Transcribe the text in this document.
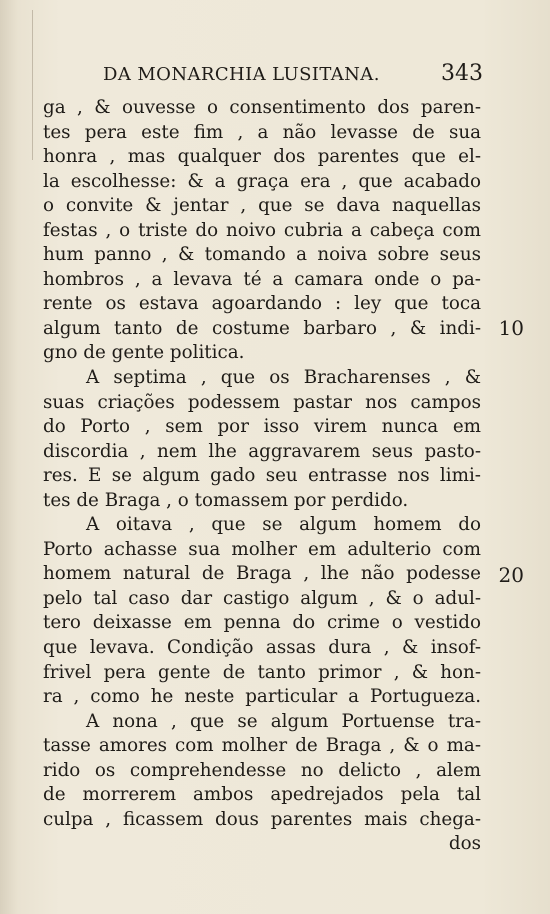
DA MONARCHIA LUSITANA.	343
ga , & ouvesse o consentimento dos paren-
tes pera este fim , a não levasse de sua
honra , mas qualquer dos parentes que el-
la escolhesse: & a graça era , que acabado
o convite & jentar , que se dava naquellas
festas , o triste do noivo cubria a cabeça com
hum panno , & tomando a noiva sobre seus
hombros , a levava té a camara onde o pa-
rente os estava agoardando : ley que toca
algum tanto de costume barbaro , & indi-
gno de gente politica.
A septima , que os Bracharenses , &
suas criações podessem pastar nos campos
do Porto , sem por isso virem nunca em
discordia , nem lhe aggravarem seus pasto-
res. E se algum gado seu entrasse nos limi-
tes de Braga , o tomassem por perdido.
A oitava , que se algum homem do
Porto achasse sua molher em adulterio com
homem natural de Braga , lhe não podesse
pelo tal caso dar castigo algum , & o adul-
tero deixasse em penna do crime o vestido
que levava. Condição assas dura , & insof-
frivel pera gente de tanto primor , & hon-
ra , como he neste particular a Portugueza.
A nona , que se algum Portuense tra-
tasse amores com molher de Braga , & o ma-
rido os comprehendesse no delicto , alem
de morrerem ambos apedrejados pela tal
culpa , ficassem dous parentes mais chega-
dos
10
20
